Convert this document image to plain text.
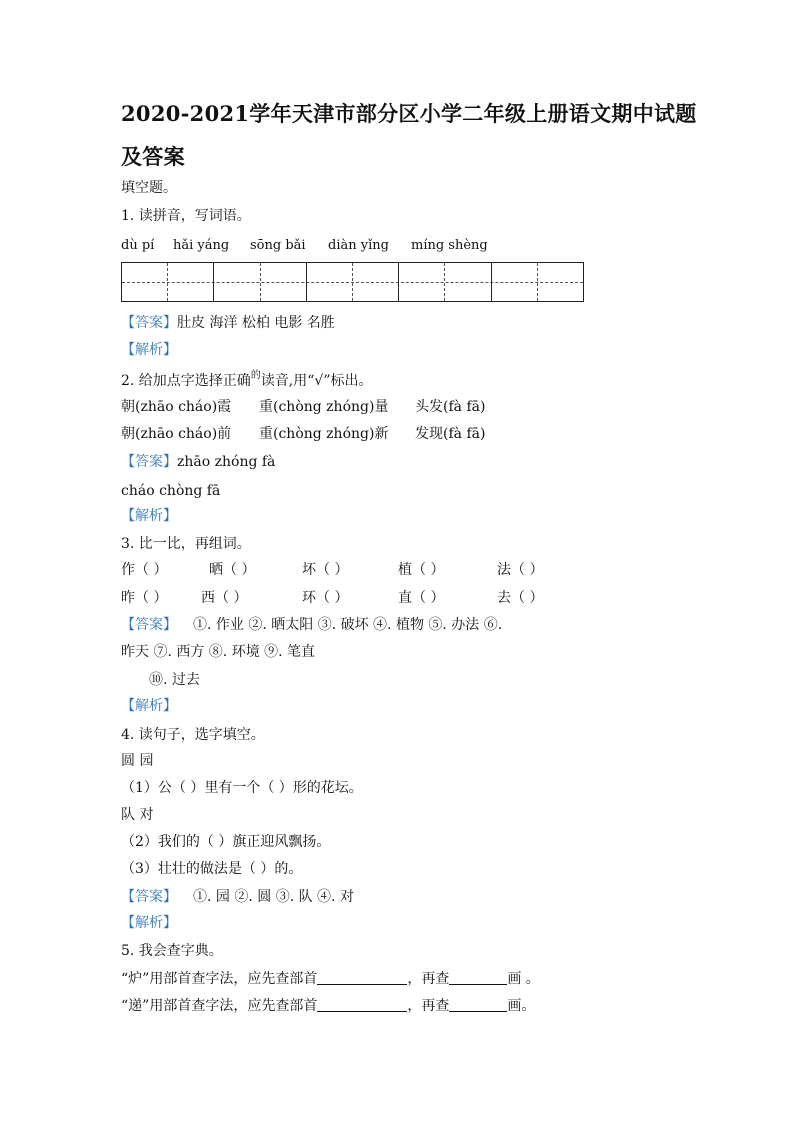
2020-2021学年天津市部分区小学二年级上册语文期中试题
及答案
填空题。
1. 读拼音，写词语。
dù pí hǎi yáng sōng bǎi diàn yǐng míng shèng
【答案】肚皮 海洋 松柏 电影 名胜
【解析】
2. 给加点字选择正确$^的$读音,用“√”标出。
朝(zhāo cháo)霞 重(chòng zhóng)量 头发(fà fā)
朝(zhāo cháo)前 重(chòng zhóng)新 发现(fà fā)
【答案】zhāo zhóng fà
cháo chòng fā
【解析】
3. 比一比，再组词。
作（ ）	晒（ ）	坏（ ）	植（ ）	法（ ）
昨（ ） 西（ ）	环（ ）	直（ ）	去（ ）
【答案】 ①. 作业 ②. 晒太阳 ③. 破坏 ④. 植物 ⑤. 办法 ⑥.
昨天 ⑦. 西方 ⑧. 环境 ⑨. 笔直
⑩. 过去
【解析】
4. 读句子，选字填空。
圆 园
（1）公（ ）里有一个（ ）形的花坛。
队 对
（2）我们的（ ）旗正迎风飘扬。
（3）壮壮的做法是（ ）的。
【答案】 ①. 园 ②. 圆 ③. 队 ④. 对
【解析】
5. 我会查字典。
“炉”用部首查字法，应先查部首	，再查	画 。
“递”用部首查字法，应先查部首	，再查	画。
